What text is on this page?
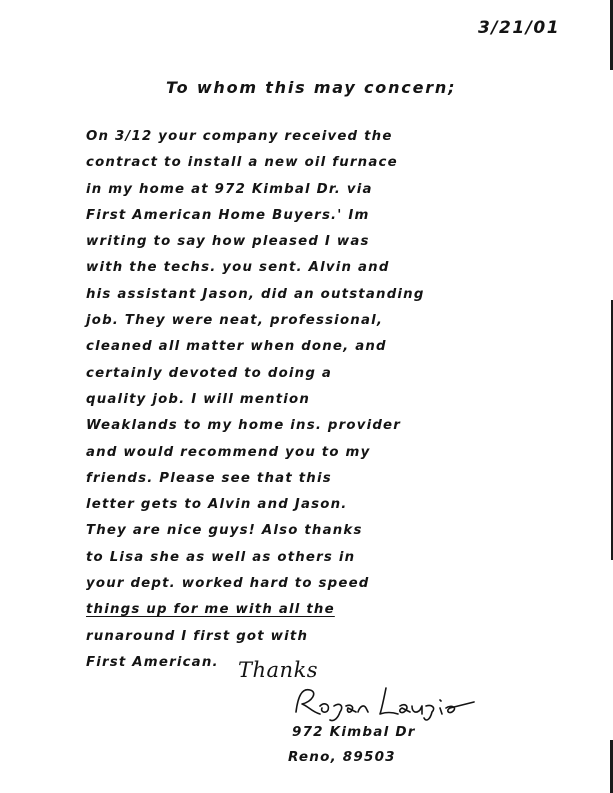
3/21/01
To whom this may concern;
On 3/12 your company received the
contract to install a new oil furnace
in my home at 972 Kimbal Dr. via
First American Home Buyers.' Im
writing to say how pleased I was
with the techs. you sent. Alvin and
his assistant Jason, did an outstanding
job. They were neat, professional,
cleaned all matter when done, and
certainly devoted to doing a
quality job. I will mention
Weaklands to my home ins. provider
and would recommend you to my
friends. Please see that this
letter gets to Alvin and Jason.
They are nice guys! Also thanks
to Lisa she as well as others in
your dept. worked hard to speed
things up for me with all the
runaround I first got with
First American. Thanks
972 Kimbal Dr
Reno, 89503
